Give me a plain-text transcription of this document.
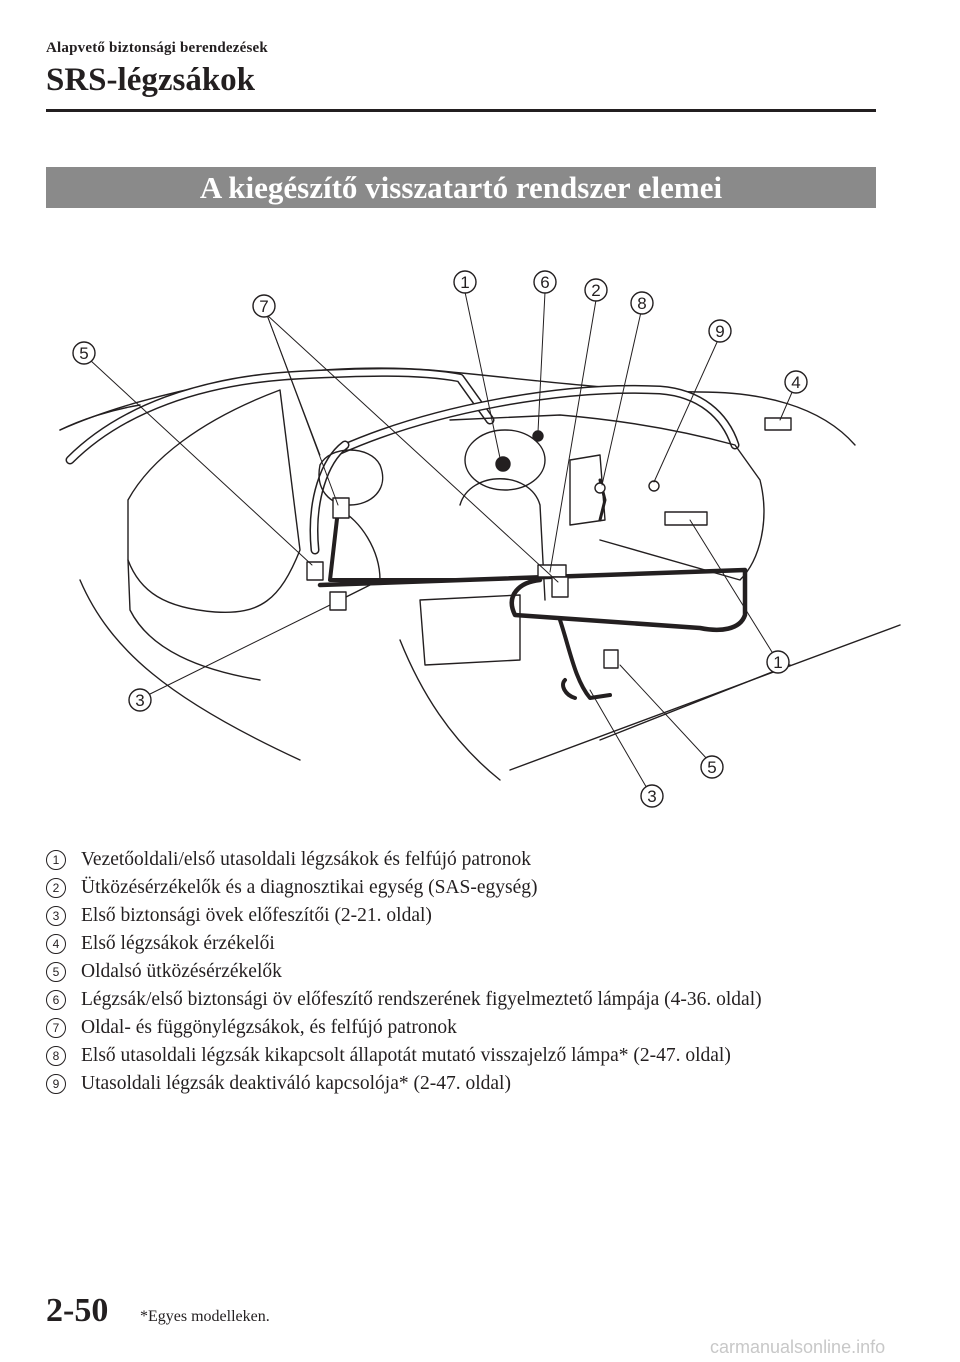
Alapvető biztonsági berendezések
SRS-légzsákok
A kiegészítő visszatartó rendszer elemei
1	6 2
8
7
9
5
4
1
5
3
3
1	Vezetőoldali/első utasoldali légzsákok és felfújó patronok
2	Ütközésérzékelők és a diagnosztikai egység (SAS-egység)
3	Első biztonsági övek előfeszítői (2-21. oldal)
4	Első légzsákok érzékelői
5	Oldalsó ütközésérzékelők
6	Légzsák/első biztonsági öv előfeszítő rendszerének figyelmeztető lámpája (4-36. oldal)
7	Oldal- és függönylégzsákok, és felfújó patronok
8	Első utasoldali légzsák kikapcsolt állapotát mutató visszajelző lámpa* (2-47. oldal)
9	Utasoldali légzsák deaktiváló kapcsolója* (2-47. oldal)
2-50 *Egyes modelleken.
carmanualsonline.info
